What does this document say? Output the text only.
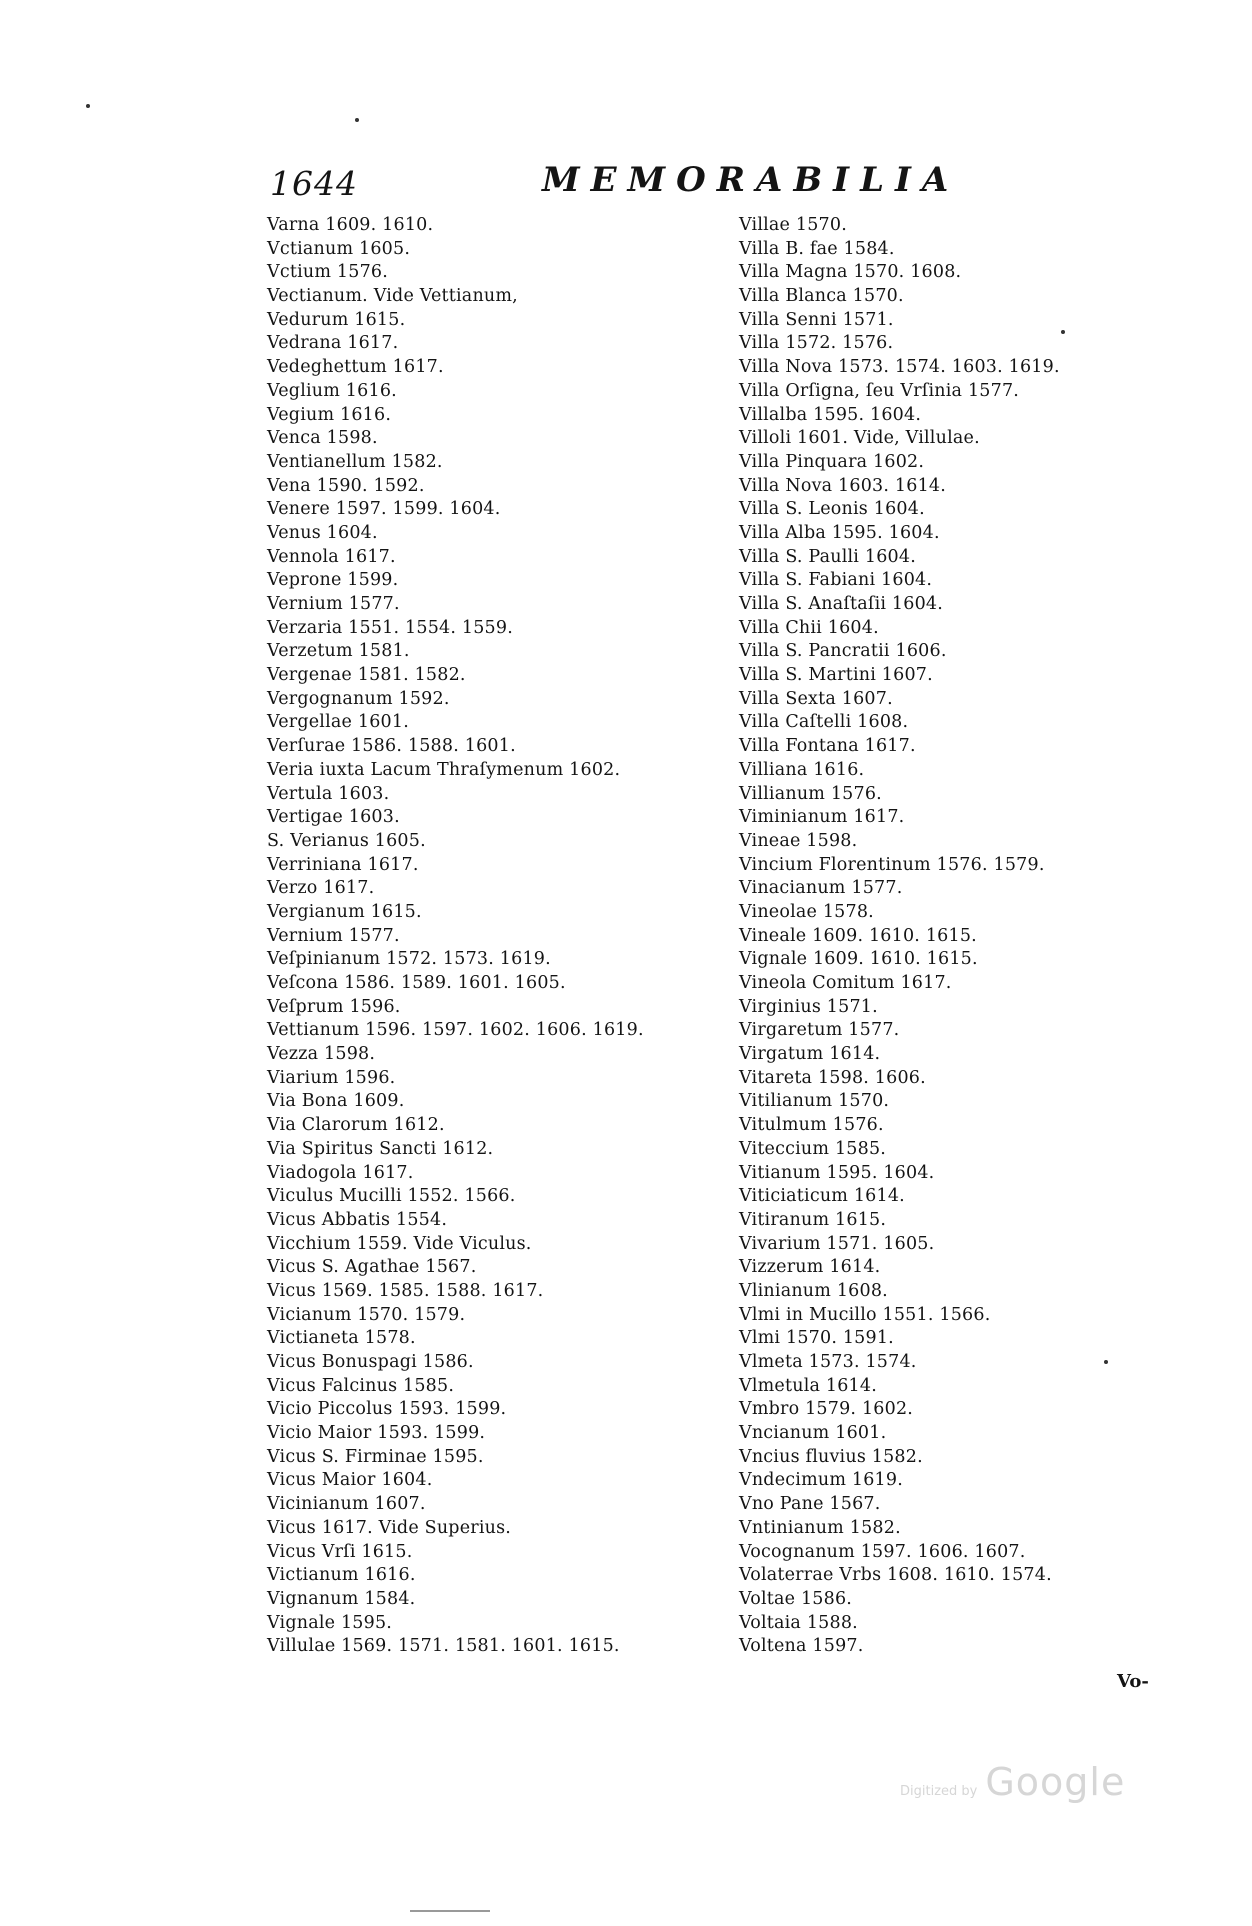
1644	MEMORABILIA
Varna 1609. 1610.
Vctianum 1605.
Vctium 1576.
Vectianum. Vide Vettianum,
Vedurum 1615.
Vedrana 1617.
Vedeghettum 1617.
Veglium 1616.
Vegium 1616.
Venca 1598.
Ventianellum 1582.
Vena 1590. 1592.
Venere 1597. 1599. 1604.
Venus 1604.
Vennola 1617.
Veprone 1599.
Vernium 1577.
Verzaria 1551. 1554. 1559.
Verzetum 1581.
Vergenae 1581. 1582.
Vergognanum 1592.
Vergellae 1601.
Verſurae 1586. 1588. 1601.
Veria iuxta Lacum Thraſymenum 1602.
Vertula 1603.
Vertigae 1603.
S. Verianus 1605.
Verriniana 1617.
Verzo 1617.
Vergianum 1615.
Vernium 1577.
Veſpinianum 1572. 1573. 1619.
Veſcona 1586. 1589. 1601. 1605.
Veſprum 1596.
Vettianum 1596. 1597. 1602. 1606. 1619.
Vezza 1598.
Viarium 1596.
Via Bona 1609.
Via Clarorum 1612.
Via Spiritus Sancti 1612.
Viadogola 1617.
Viculus Mucilli 1552. 1566.
Vicus Abbatis 1554.
Vicchium 1559. Vide Viculus.
Vicus S. Agathae 1567.
Vicus 1569. 1585. 1588. 1617.
Vicianum 1570. 1579.
Victianeta 1578.
Vicus Bonuspagi 1586.
Vicus Falcinus 1585.
Vicio Piccolus 1593. 1599.
Vicio Maior 1593. 1599.
Vicus S. Firminae 1595.
Vicus Maior 1604.
Vicinianum 1607.
Vicus 1617. Vide Superius.
Vicus Vrſi 1615.
Victianum 1616.
Vignanum 1584.
Vignale 1595.
Villulae 1569. 1571. 1581. 1601. 1615.
Villae 1570.
Villa B. fae 1584.
Villa Magna 1570. 1608.
Villa Blanca 1570.
Villa Senni 1571.
Villa 1572. 1576.
Villa Nova 1573. 1574. 1603. 1619.
Villa Orſigna, ſeu Vrſinia 1577.
Villalba 1595. 1604.
Villoli 1601. Vide, Villulae.
Villa Pinquara 1602.
Villa Nova 1603. 1614.
Villa S. Leonis 1604.
Villa Alba 1595. 1604.
Villa S. Paulli 1604.
Villa S. Fabiani 1604.
Villa S. Anaſtaſii 1604.
Villa Chii 1604.
Villa S. Pancratii 1606.
Villa S. Martini 1607.
Villa Sexta 1607.
Villa Caſtelli 1608.
Villa Fontana 1617.
Villiana 1616.
Villianum 1576.
Viminianum 1617.
Vineae 1598.
Vincium Florentinum 1576. 1579.
Vinacianum 1577.
Vineolae 1578.
Vineale 1609. 1610. 1615.
Vignale 1609. 1610. 1615.
Vineola Comitum 1617.
Virginius 1571.
Virgaretum 1577.
Virgatum 1614.
Vitareta 1598. 1606.
Vitilianum 1570.
Vitulmum 1576.
Viteccium 1585.
Vitianum 1595. 1604.
Viticiaticum 1614.
Vitiranum 1615.
Vivarium 1571. 1605.
Vizzerum 1614.
Vlinianum 1608.
Vlmi in Mucillo 1551. 1566.
Vlmi 1570. 1591.
Vlmeta 1573. 1574.
Vlmetula 1614.
Vmbro 1579. 1602.
Vncianum 1601.
Vncius fluvius 1582.
Vndecimum 1619.
Vno Pane 1567.
Vntinianum 1582.
Vocognanum 1597. 1606. 1607.
Volaterrae Vrbs 1608. 1610. 1574.
Voltae 1586.
Voltaia 1588.
Voltena 1597.
Vo-
Digitized by Google
